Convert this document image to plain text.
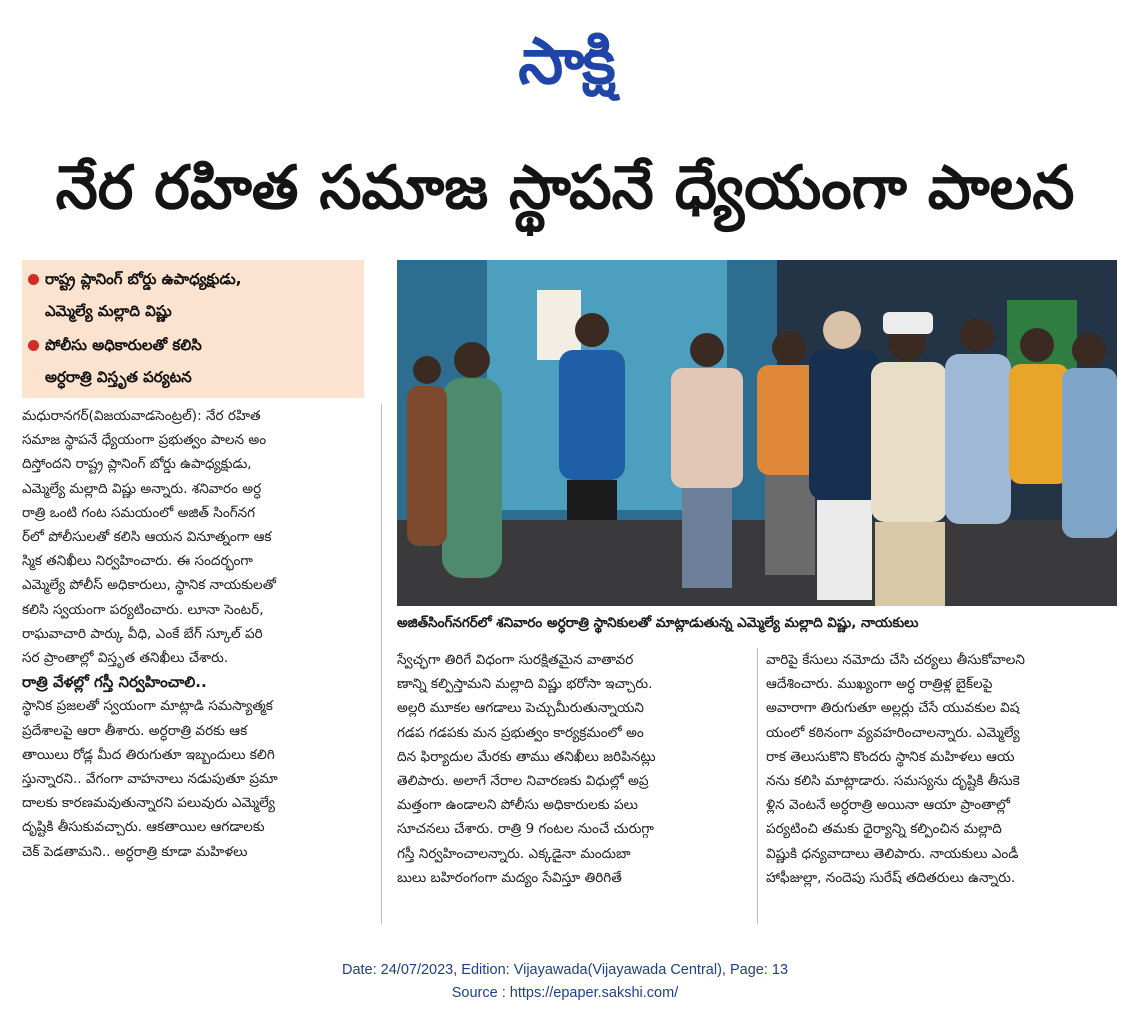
సాక్షి
నేర రహిత సమాజ స్థాపనే ధ్యేయంగా పాలన
రాష్ట్ర ప్లానింగ్ బోర్డు ఉపాధ్యక్షుడు,
ఎమ్మెల్యే మల్లాది విష్ణు
పోలీసు అధికారులతో కలిసి
అర్ధరాత్రి విస్తృత పర్యటన

మధురానగర్(విజయవాడసెంట్రల్): నేర రహిత

సమాజ స్థాపనే ధ్యేయంగా ప్రభుత్వం పాలన అం

దిస్తోందని రాష్ట్ర ప్లానింగ్ బోర్డు ఉపాధ్యక్షుడు,

ఎమ్మెల్యే మల్లాది విష్ణు అన్నారు. శనివారం అర్ధ

రాత్రి ఒంటి గంట సమయంలో అజిత్ సింగ్‌నగ

ర్‌లో పోలీసులతో కలిసి ఆయన వినూత్నంగా ఆక

స్మిక తనిఖీలు నిర్వహించారు. ఈ సందర్భంగా

ఎమ్మెల్యే పోలీస్ అధికారులు, స్థానిక నాయకులతో

కలిసి స్వయంగా పర్యటించారు. లూనా సెంటర్,

రాఘవాచారి పార్కు వీధి, ఎంకే బేగ్ స్కూల్ పరి

సర ప్రాంతాల్లో విస్తృత తనిఖీలు చేశారు.

రాత్రి వేళల్లో గస్తీ నిర్వహించాలి..

స్థానిక ప్రజలతో స్వయంగా మాట్లాడి సమస్యాత్మక

ప్రదేశాలపై ఆరా తీశారు. అర్ధరాత్రి వరకు ఆక

తాయిలు రోడ్ల మీద తిరుగుతూ ఇబ్బందులు కలిగి

స్తున్నారని.. వేగంగా వాహనాలు నడుపుతూ ప్రమా

దాలకు కారణమవుతున్నారని పలువురు ఎమ్మెల్యే

దృష్టికి తీసుకువచ్చారు. ఆకతాయిల ఆగడాలకు

చెక్ పెడతామని.. అర్ధరాత్రి కూడా మహిళలు

అజిత్‌సింగ్‌నగర్‌లో శనివారం అర్ధరాత్రి స్థానికులతో మాట్లాడుతున్న ఎమ్మెల్యే మల్లాది విష్ణు, నాయకులు

స్వేచ్ఛగా తిరిగే విధంగా సురక్షితమైన వాతావర

ణాన్ని కల్పిస్తామని మల్లాది విష్ణు భరోసా ఇచ్చారు.

అల్లరి మూకల ఆగడాలు పెచ్చుమీరుతున్నాయని

గడప గడపకు మన ప్రభుత్వం కార్యక్రమంలో అం

దిన ఫిర్యాదుల మేరకు తాము తనిఖీలు జరిపినట్లు

తెలిపారు. అలాగే నేరాల నివారణకు విధుల్లో అప్ర

మత్తంగా ఉండాలని పోలీసు అధికారులకు పలు

సూచనలు చేశారు. రాత్రి 9 గంటల నుంచే చురుగ్గా

గస్తీ నిర్వహించాలన్నారు. ఎక్కడైనా మందుబా

బులు బహిరంగంగా మద్యం సేవిస్తూ తిరిగితే

వారిపై కేసులు నమోదు చేసి చర్యలు తీసుకోవాలని

ఆదేశించారు. ముఖ్యంగా అర్ధ రాత్రిళ్ల బైక్‌లపై

అవారాగా తిరుగుతూ అల్లర్లు చేసే యువకుల విష

యంలో కఠినంగా వ్యవహరించాలన్నారు. ఎమ్మెల్యే

రాక తెలుసుకొని కొందరు స్థానిక మహిళలు ఆయ

నను కలిసి మాట్లాడారు. సమస్యను దృష్టికి తీసుకె

ళ్లిన వెంటనే అర్ధరాత్రి అయినా ఆయా ప్రాంతాల్లో

పర్యటించి తమకు ధైర్యాన్ని కల్పించిన మల్లాది

విష్ణుకి ధన్యవాదాలు తెలిపారు. నాయకులు ఎండీ

హాఫీజుల్లా, నందెపు సురేష్ తదితరులు ఉన్నారు.

Date: 24/07/2023, Edition: Vijayawada(Vijayawada Central), Page: 13
Source : https://epaper.sakshi.com/
